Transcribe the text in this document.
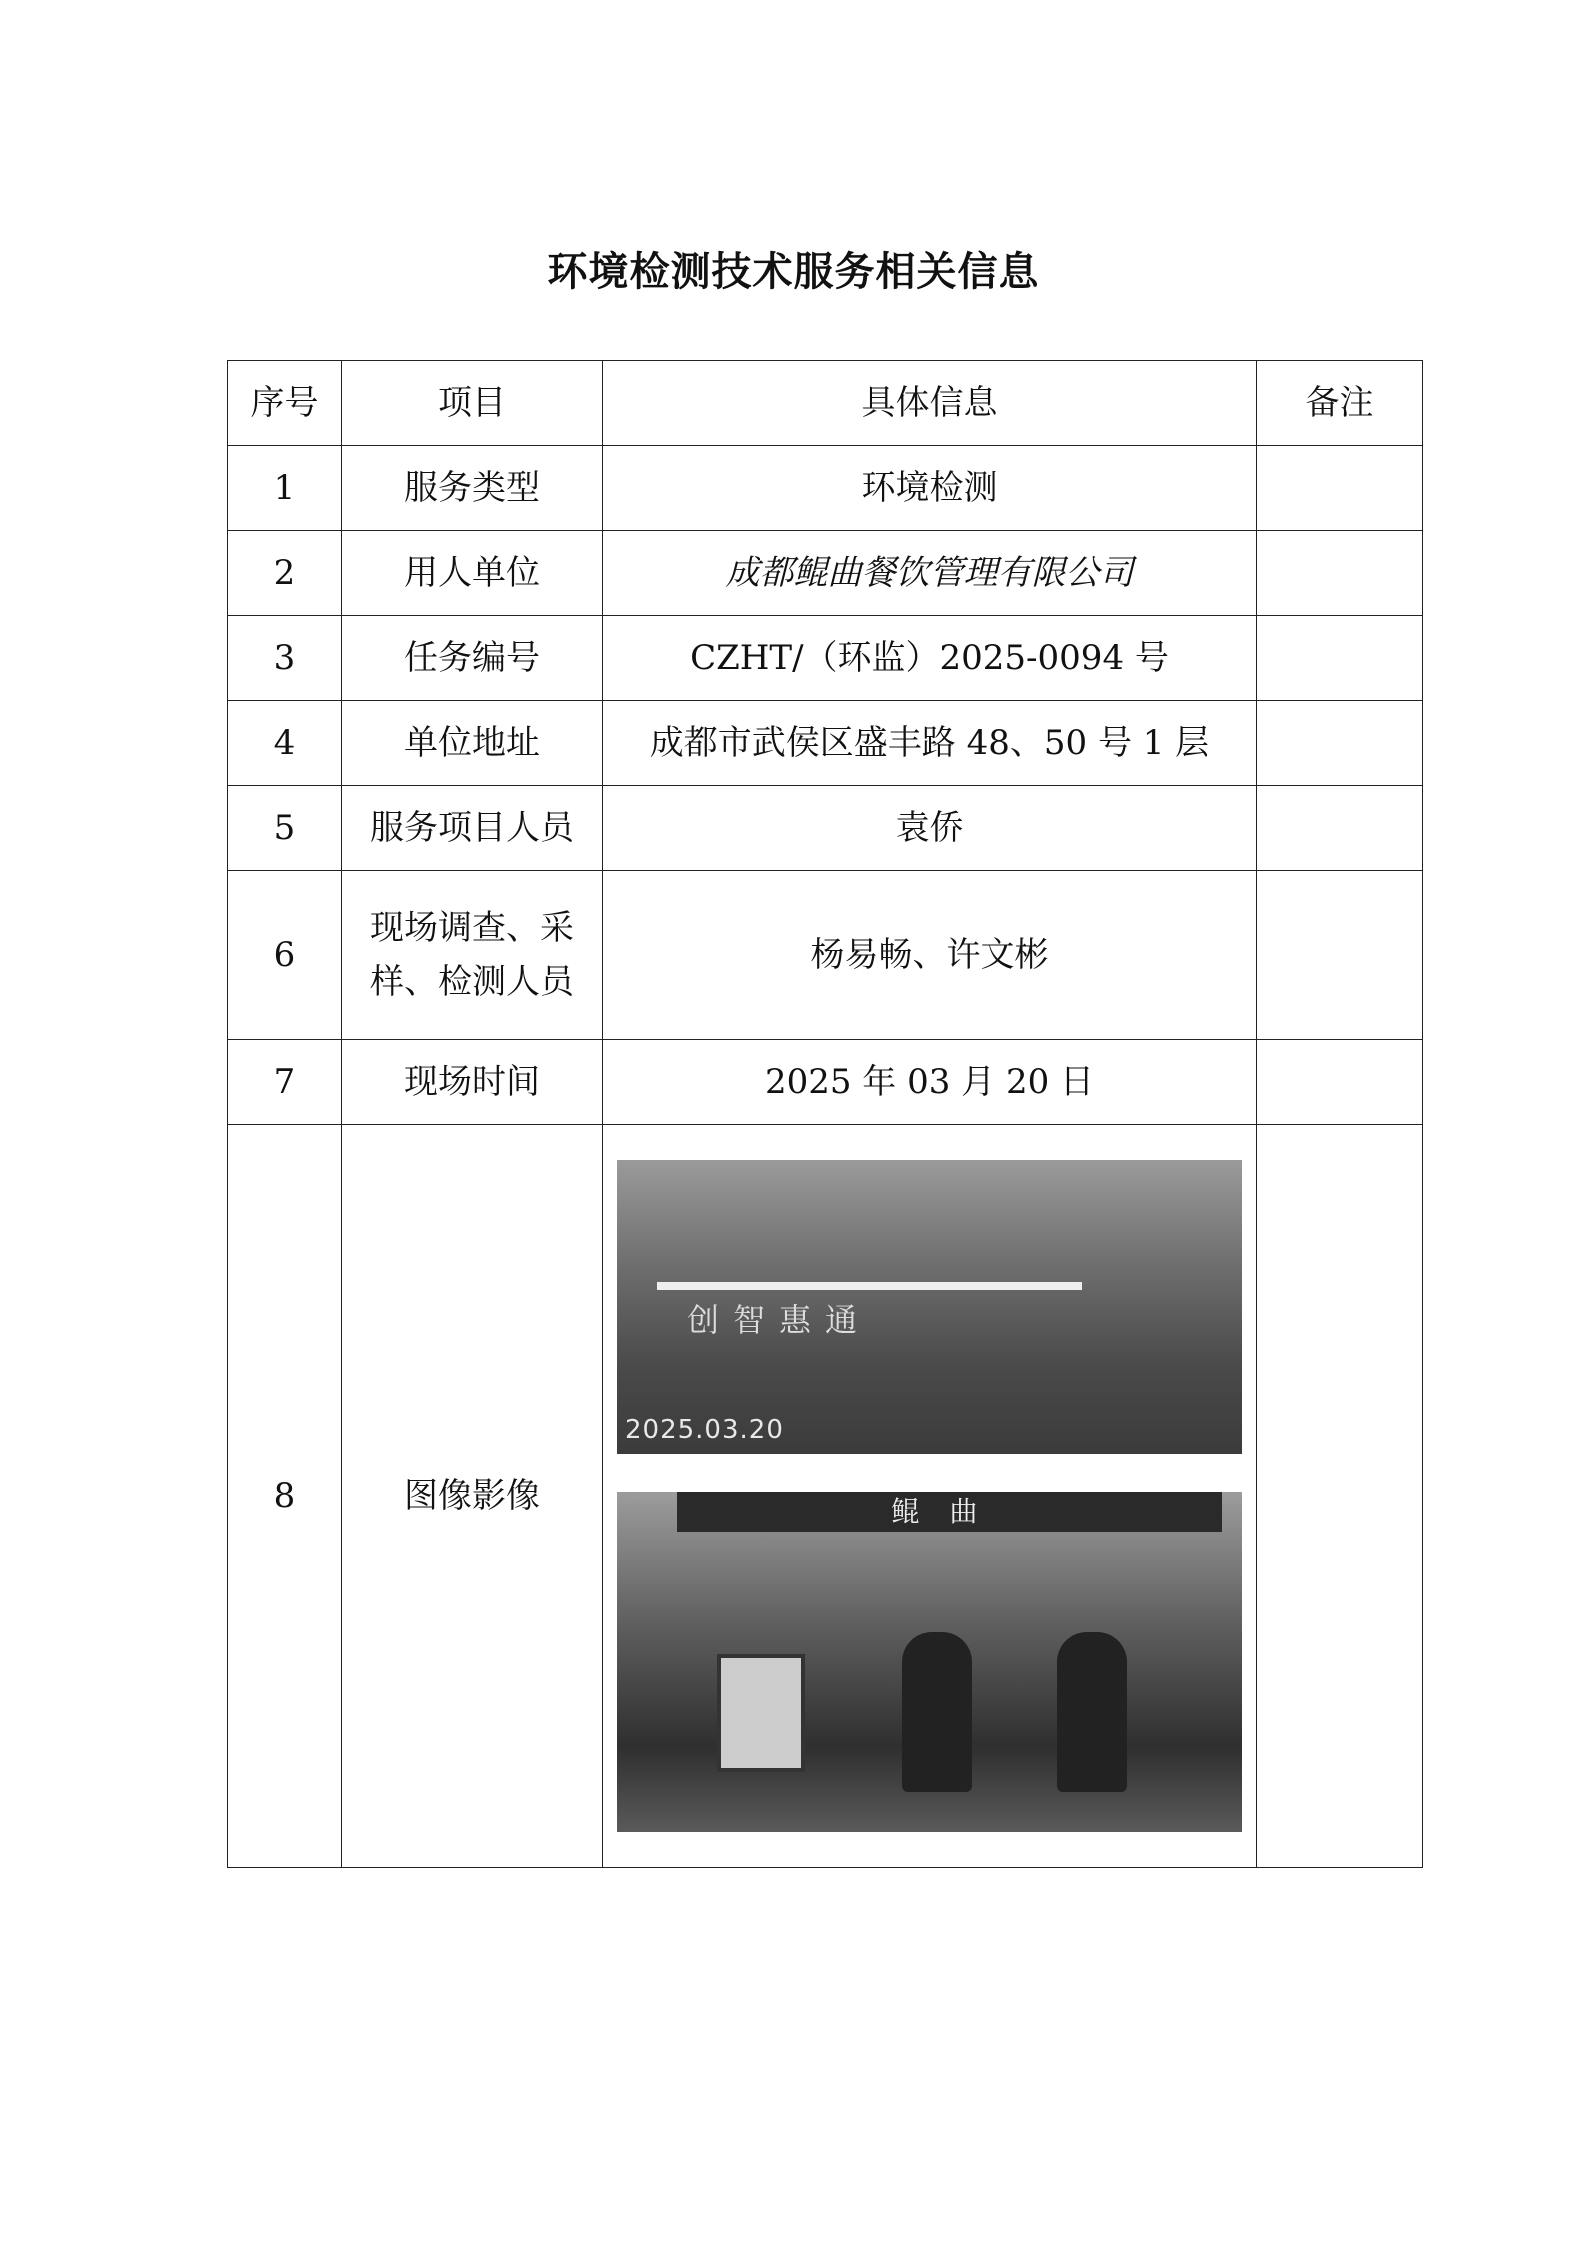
环境检测技术服务相关信息
序号	项目	具体信息	备注
1	服务类型	环境检测	
2	用人单位	成都鲲曲餐饮管理有限公司	
3	任务编号	CZHT/（环监）2025-0094 号	
4	单位地址	成都市武侯区盛丰路 48、50 号 1 层	
5	服务项目人员	袁侨	
6	现场调查、采样、检测人员	杨易畅、许文彬	
7	现场时间	2025 年 03 月 20 日	
8	图像影像	创智惠通
2025.03.20
鲲曲	
